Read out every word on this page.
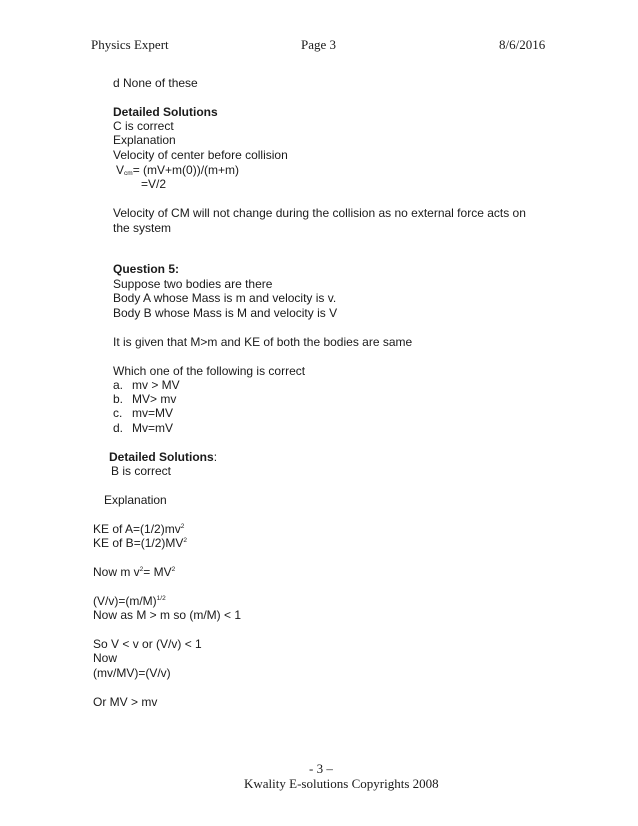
Physics Expert	Page 3	8/6/2016
d None of these
Detailed Solutions
C is correct
Explanation
Velocity of center before collision
$V_{cm}= (mV+m(0))/(m+m)$
=V/2
Velocity of CM will not change during the collision as no external force acts on
the system
Question 5:
Suppose two bodies are there
Body A whose Mass is m and velocity is v.
Body B whose Mass is M and velocity is V
It is given that M>m and KE of both the bodies are same
Which one of the following is correct
a. mv > MV
b. MV> mv
c. mv=MV
d. Mv=mV
Detailed Solutions:
B is correct
Explanation
KE of $A=(1/2)mv^2$
KE of $B=(1/2)MV^2$
Now m $v^2= MV^2$
$(V/v)=(m/M)^{1/2}$
Now as M > m so (m/M) < 1
So V < v or (V/v) < 1
Now
(mv/MV)=(V/v)
Or MV > mv
- 3 –
Kwality E-solutions Copyrights 2008
